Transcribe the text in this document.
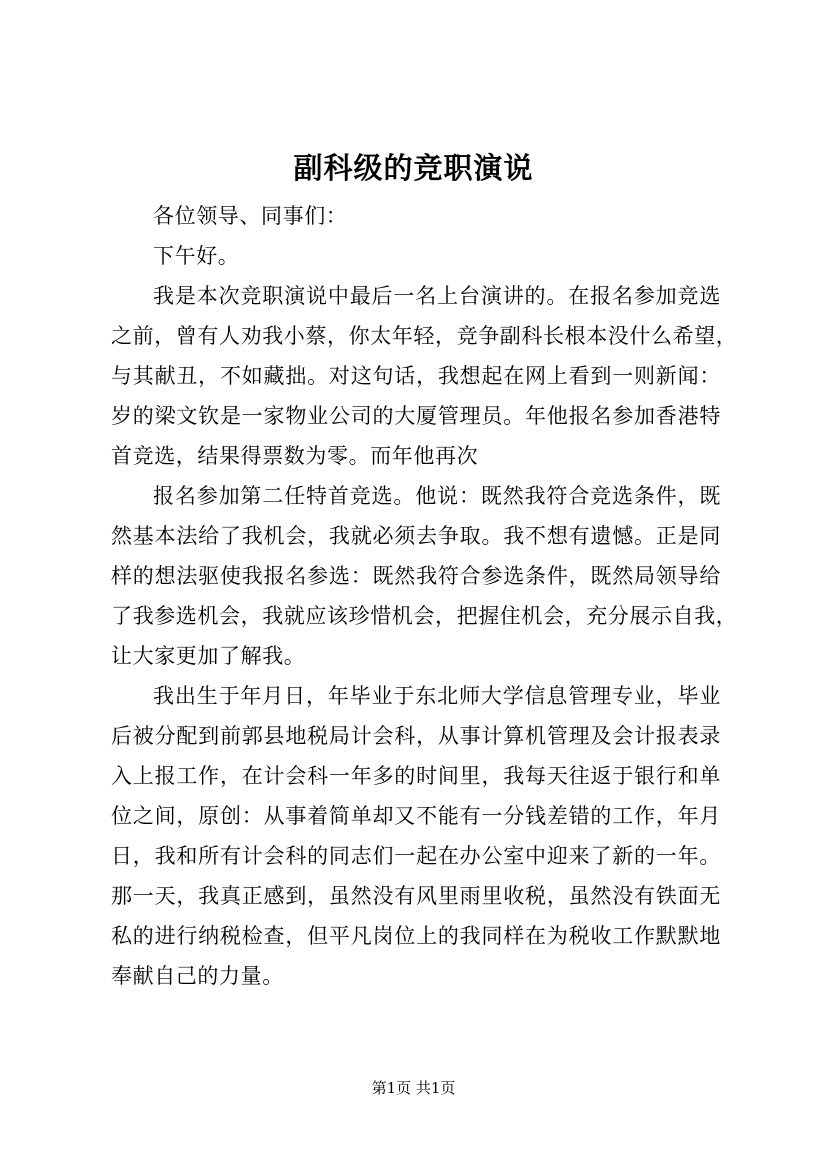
副科级的竞职演说
各位领导、同事们：
下午好。
我是本次竞职演说中最后一名上台演讲的。在报名参加竞选
之前，曾有人劝我小蔡，你太年轻，竞争副科长根本没什么希望，
与其献丑，不如藏拙。对这句话，我想起在网上看到一则新闻：
岁的梁文钦是一家物业公司的大厦管理员。年他报名参加香港特
首竞选，结果得票数为零。而年他再次
报名参加第二任特首竞选。他说：既然我符合竞选条件，既
然基本法给了我机会，我就必须去争取。我不想有遗憾。正是同
样的想法驱使我报名参选：既然我符合参选条件，既然局领导给
了我参选机会，我就应该珍惜机会，把握住机会，充分展示自我，
让大家更加了解我。
我出生于年月日，年毕业于东北师大学信息管理专业，毕业
后被分配到前郭县地税局计会科，从事计算机管理及会计报表录
入上报工作，在计会科一年多的时间里，我每天往返于银行和单
位之间，原创：从事着简单却又不能有一分钱差错的工作，年月
日，我和所有计会科的同志们一起在办公室中迎来了新的一年。
那一天，我真正感到，虽然没有风里雨里收税，虽然没有铁面无
私的进行纳税检查，但平凡岗位上的我同样在为税收工作默默地
奉献自己的力量。
第1页 共1页
